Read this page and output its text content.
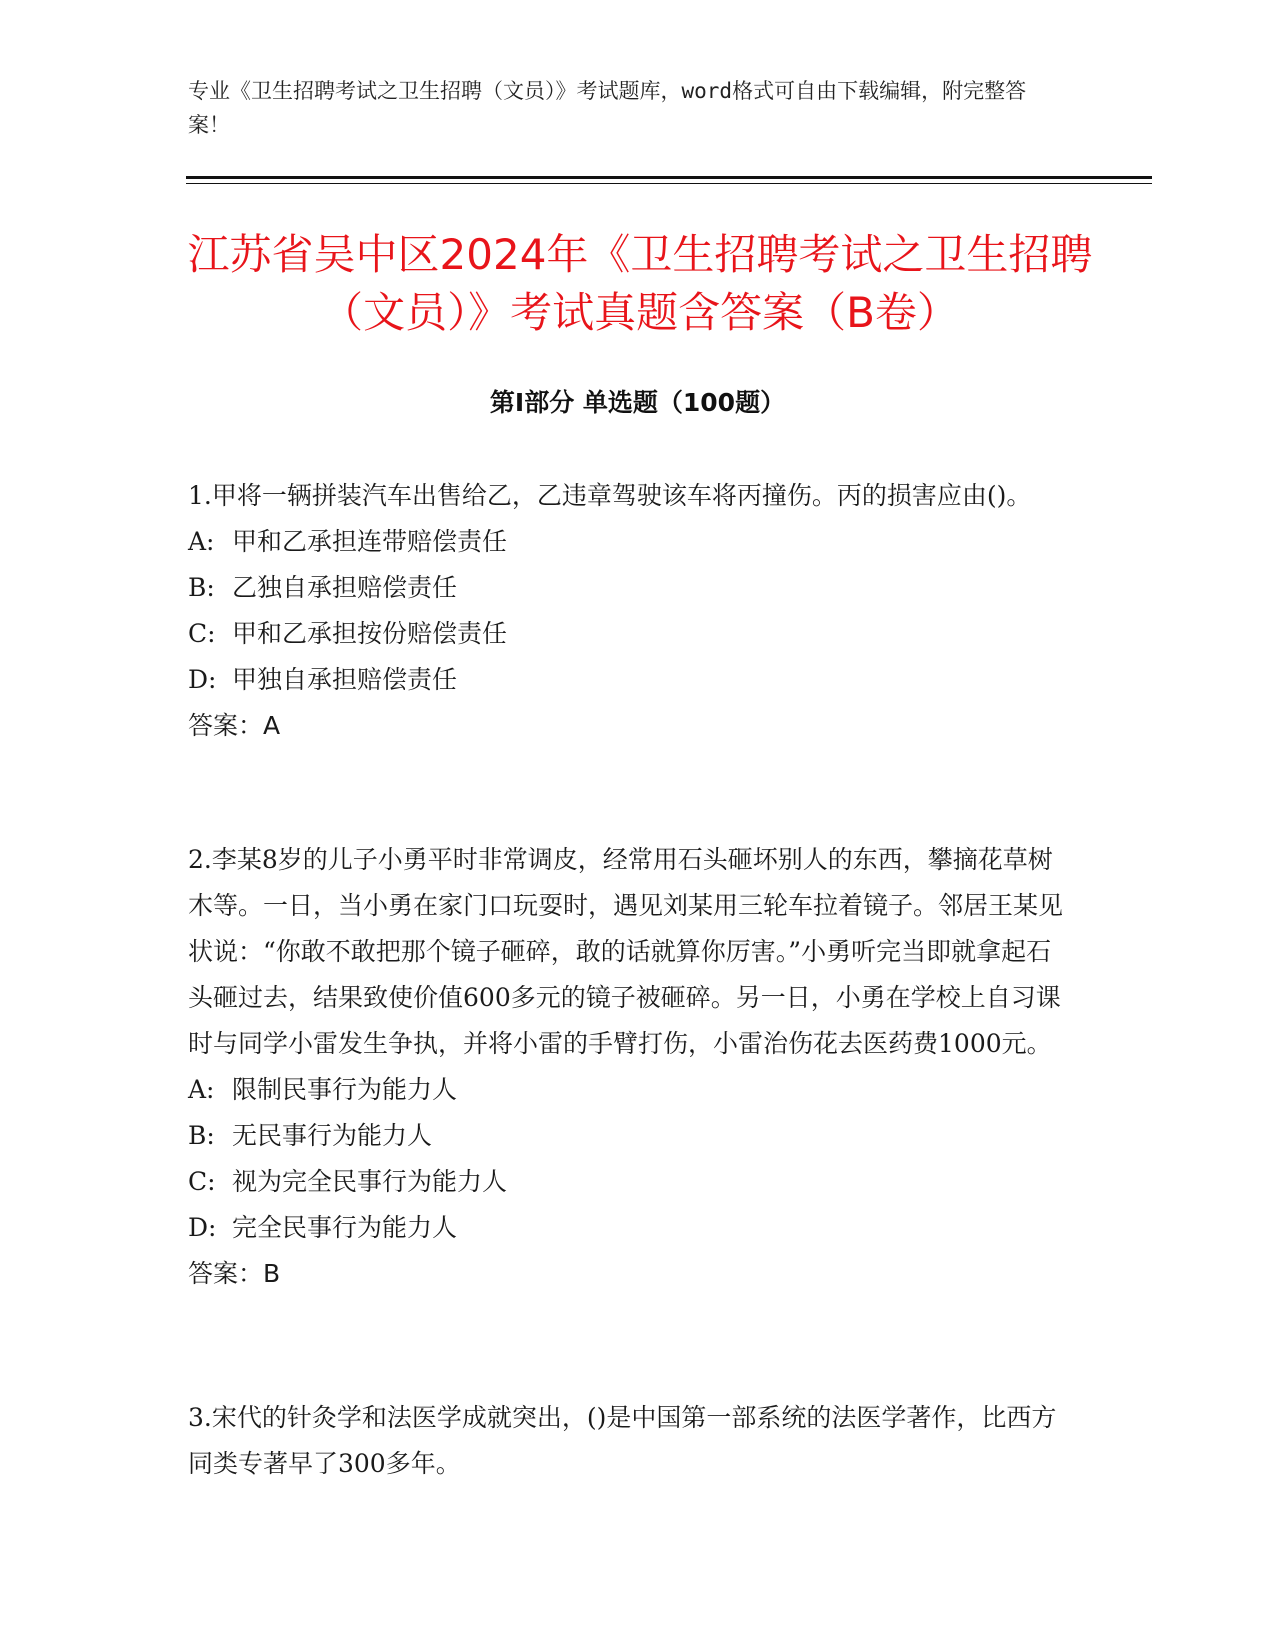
专业《卫生招聘考试之卫生招聘（文员）》考试题库，word格式可自由下载编辑，附完整答案！
江苏省吴中区2024年《卫生招聘考试之卫生招聘（文员）》考试真题含答案（B卷）
第Ⅰ部分 单选题（100题）

1.甲将一辆拼装汽车出售给乙，乙违章驾驶该车将丙撞伤。丙的损害应由()。

A: 甲和乙承担连带赔偿责任

B: 乙独自承担赔偿责任

C: 甲和乙承担按份赔偿责任

D: 甲独自承担赔偿责任

答案：A

2.李某8岁的儿子小勇平时非常调皮，经常用石头砸坏别人的东西，攀摘花草树木等。一日，当小勇在家门口玩耍时，遇见刘某用三轮车拉着镜子。邻居王某见状说：“你敢不敢把那个镜子砸碎，敢的话就算你厉害。”小勇听完当即就拿起石头砸过去，结果致使价值600多元的镜子被砸碎。另一日，小勇在学校上自习课时与同学小雷发生争执，并将小雷的手臂打伤，小雷治伤花去医药费1000元。

A: 限制民事行为能力人

B: 无民事行为能力人

C: 视为完全民事行为能力人

D: 完全民事行为能力人

答案：B

3.宋代的针灸学和法医学成就突出，()是中国第一部系统的法医学著作，比西方同类专著早了300多年。
